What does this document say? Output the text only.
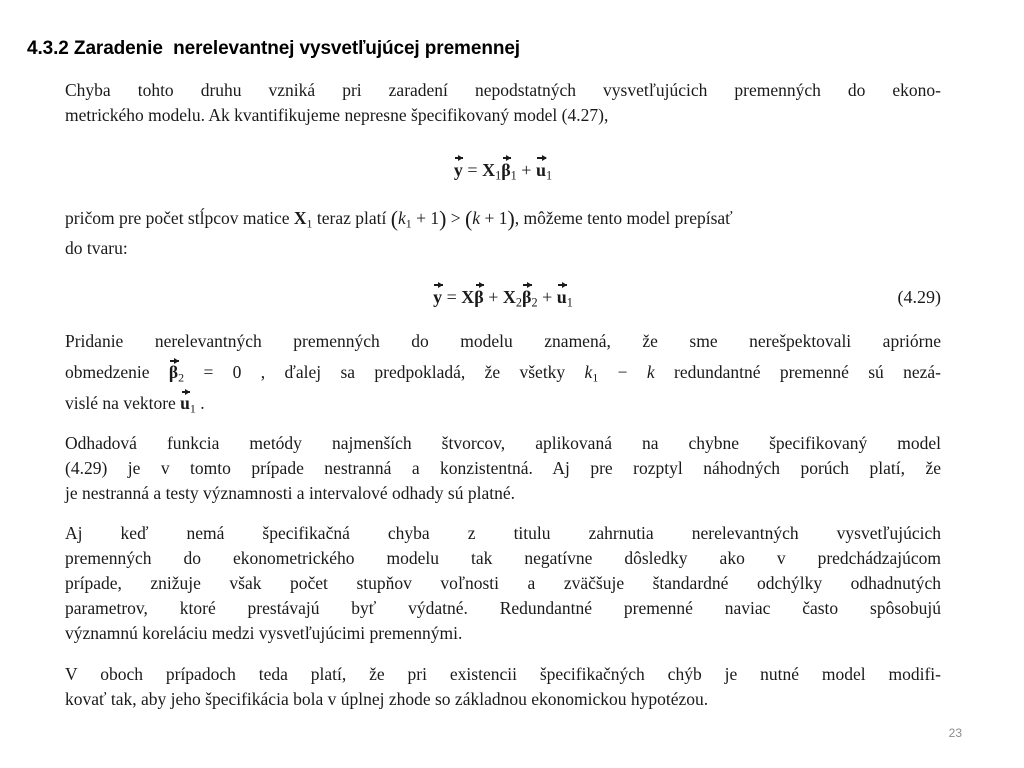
4.3.2 Zaradenie  nerelevantnej vysvetľujúcej premennej
Chyba tohto druhu vzniká pri zaradení nepodstatných vysvetľujúcich premenných do ekono-
metrického modelu. Ak kvantifikujeme nepresne špecifikovaný model (4.27),
$y = X_1\beta_1 + u_1$
pričom pre počet stĺpcov matice $X_1$ teraz platí $(k_1 + 1) > (k + 1)$, môžeme tento model prepísať
do tvaru:
$y = X\beta + X_2\beta_2 + u_1$	(4.29)
Pridanie nerelevantných premenných do modelu znamená, že sme nerešpektovali apriórne
obmedzenie $\beta_2 = 0$ , ďalej sa predpokladá, že všetky $k_1 - k$ redundantné premenné sú nezá-
vislé na vektore $u_1$ .
Odhadová funkcia metódy najmenších štvorcov, aplikovaná na chybne špecifikovaný model
(4.29) je v tomto prípade nestranná a konzistentná. Aj pre rozptyl náhodných porúch platí, že
je nestranná a testy významnosti a intervalové odhady sú platné.
Aj keď nemá špecifikačná chyba z titulu zahrnutia nerelevantných vysvetľujúcich
premenných do ekonometrického modelu tak negatívne dôsledky ako v predchádzajúcom
prípade, znižuje však počet stupňov voľnosti a zväčšuje štandardné odchýlky odhadnutých
parametrov, ktoré prestávajú byť výdatné. Redundantné premenné naviac často spôsobujú
významnú koreláciu medzi vysvetľujúcimi premennými.
V oboch prípadoch teda platí, že pri existencii špecifikačných chýb je nutné model modifi-
kovať tak, aby jeho špecifikácia bola v úplnej zhode so základnou ekonomickou hypotézou.
23
